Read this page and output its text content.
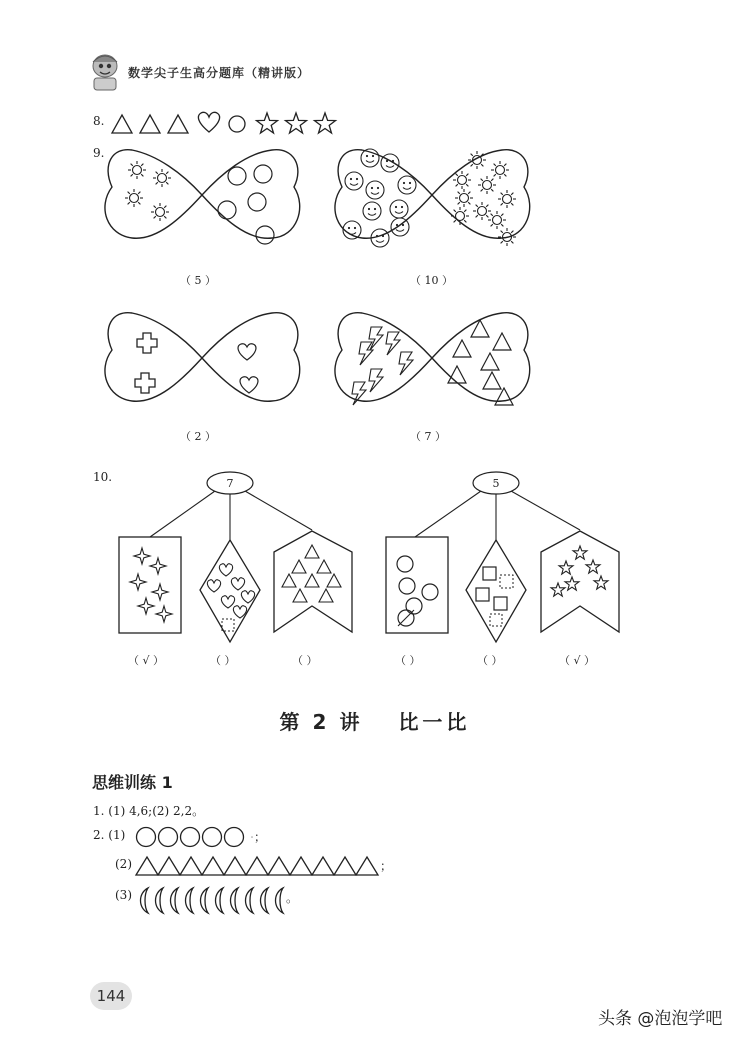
数学尖子生高分题库（精讲版）
8.
9.
（ 5 ）	（ 10 ）
（ 2 ）	（ 7 ）
10.	7	5
（ √ ）	（ ）	（ ）	（ ）	（ ）	（ √ ）
第 2 讲 比一比
思维训练 1
1. (1) 4,6;(2) 2,2。
2. (1)	；
(2)	；
(3)	。
144
头条 @泡泡学吧
